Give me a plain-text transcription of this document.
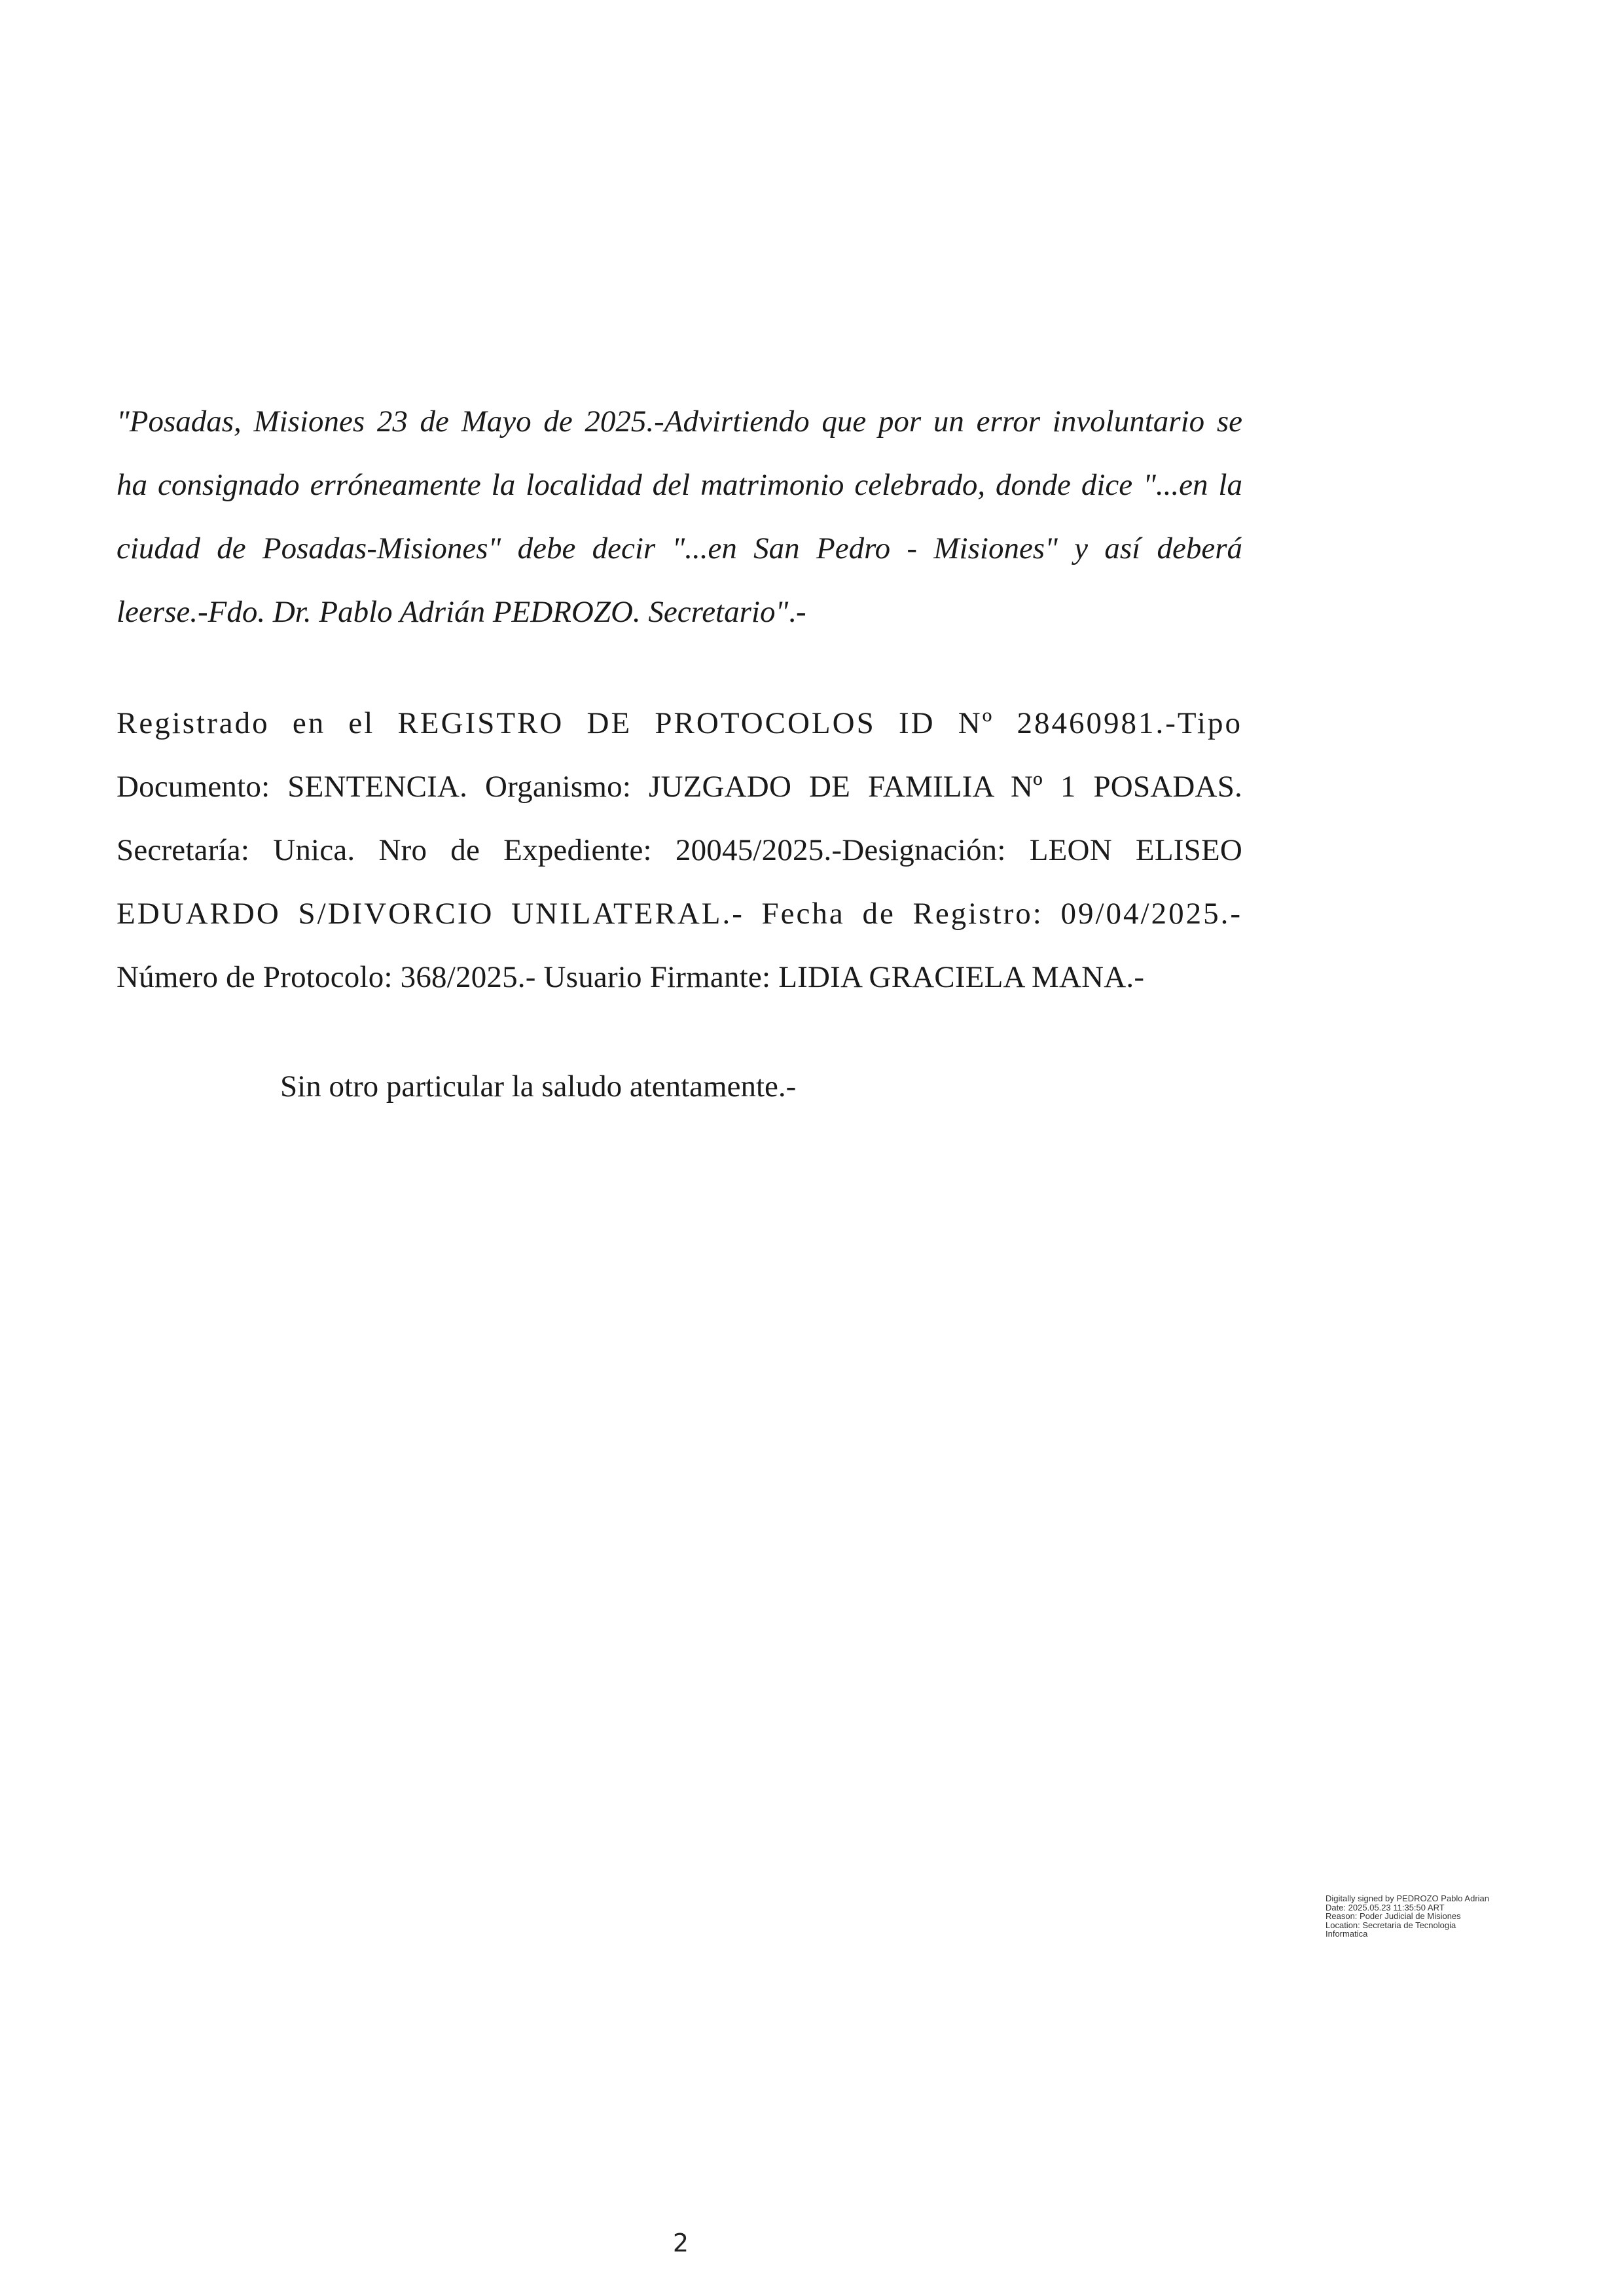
"Posadas, Misiones 23 de Mayo de 2025.-Advirtiendo que por un error involuntario se
ha consignado erróneamente la localidad del matrimonio celebrado, donde dice "...en la
ciudad de Posadas-Misiones" debe decir "...en San Pedro - Misiones" y así deberá
leerse.-Fdo. Dr. Pablo Adrián PEDROZO. Secretario".-
Registrado en el REGISTRO DE PROTOCOLOS ID Nº 28460981.-Tipo
Documento: SENTENCIA. Organismo: JUZGADO DE FAMILIA Nº 1 POSADAS.
Secretaría: Unica. Nro de Expediente: 20045/2025.-Designación: LEON ELISEO
EDUARDO S/DIVORCIO UNILATERAL.- Fecha de Registro: 09/04/2025.-
Número de Protocolo: 368/2025.- Usuario Firmante: LIDIA GRACIELA MANA.-
Sin otro particular la saludo atentamente.-
Digitally signed by PEDROZO Pablo Adrian
Date: 2025.05.23 11:35:50 ART
Reason: Poder Judicial de Misiones
Location: Secretaria de Tecnologia
Informatica
2
